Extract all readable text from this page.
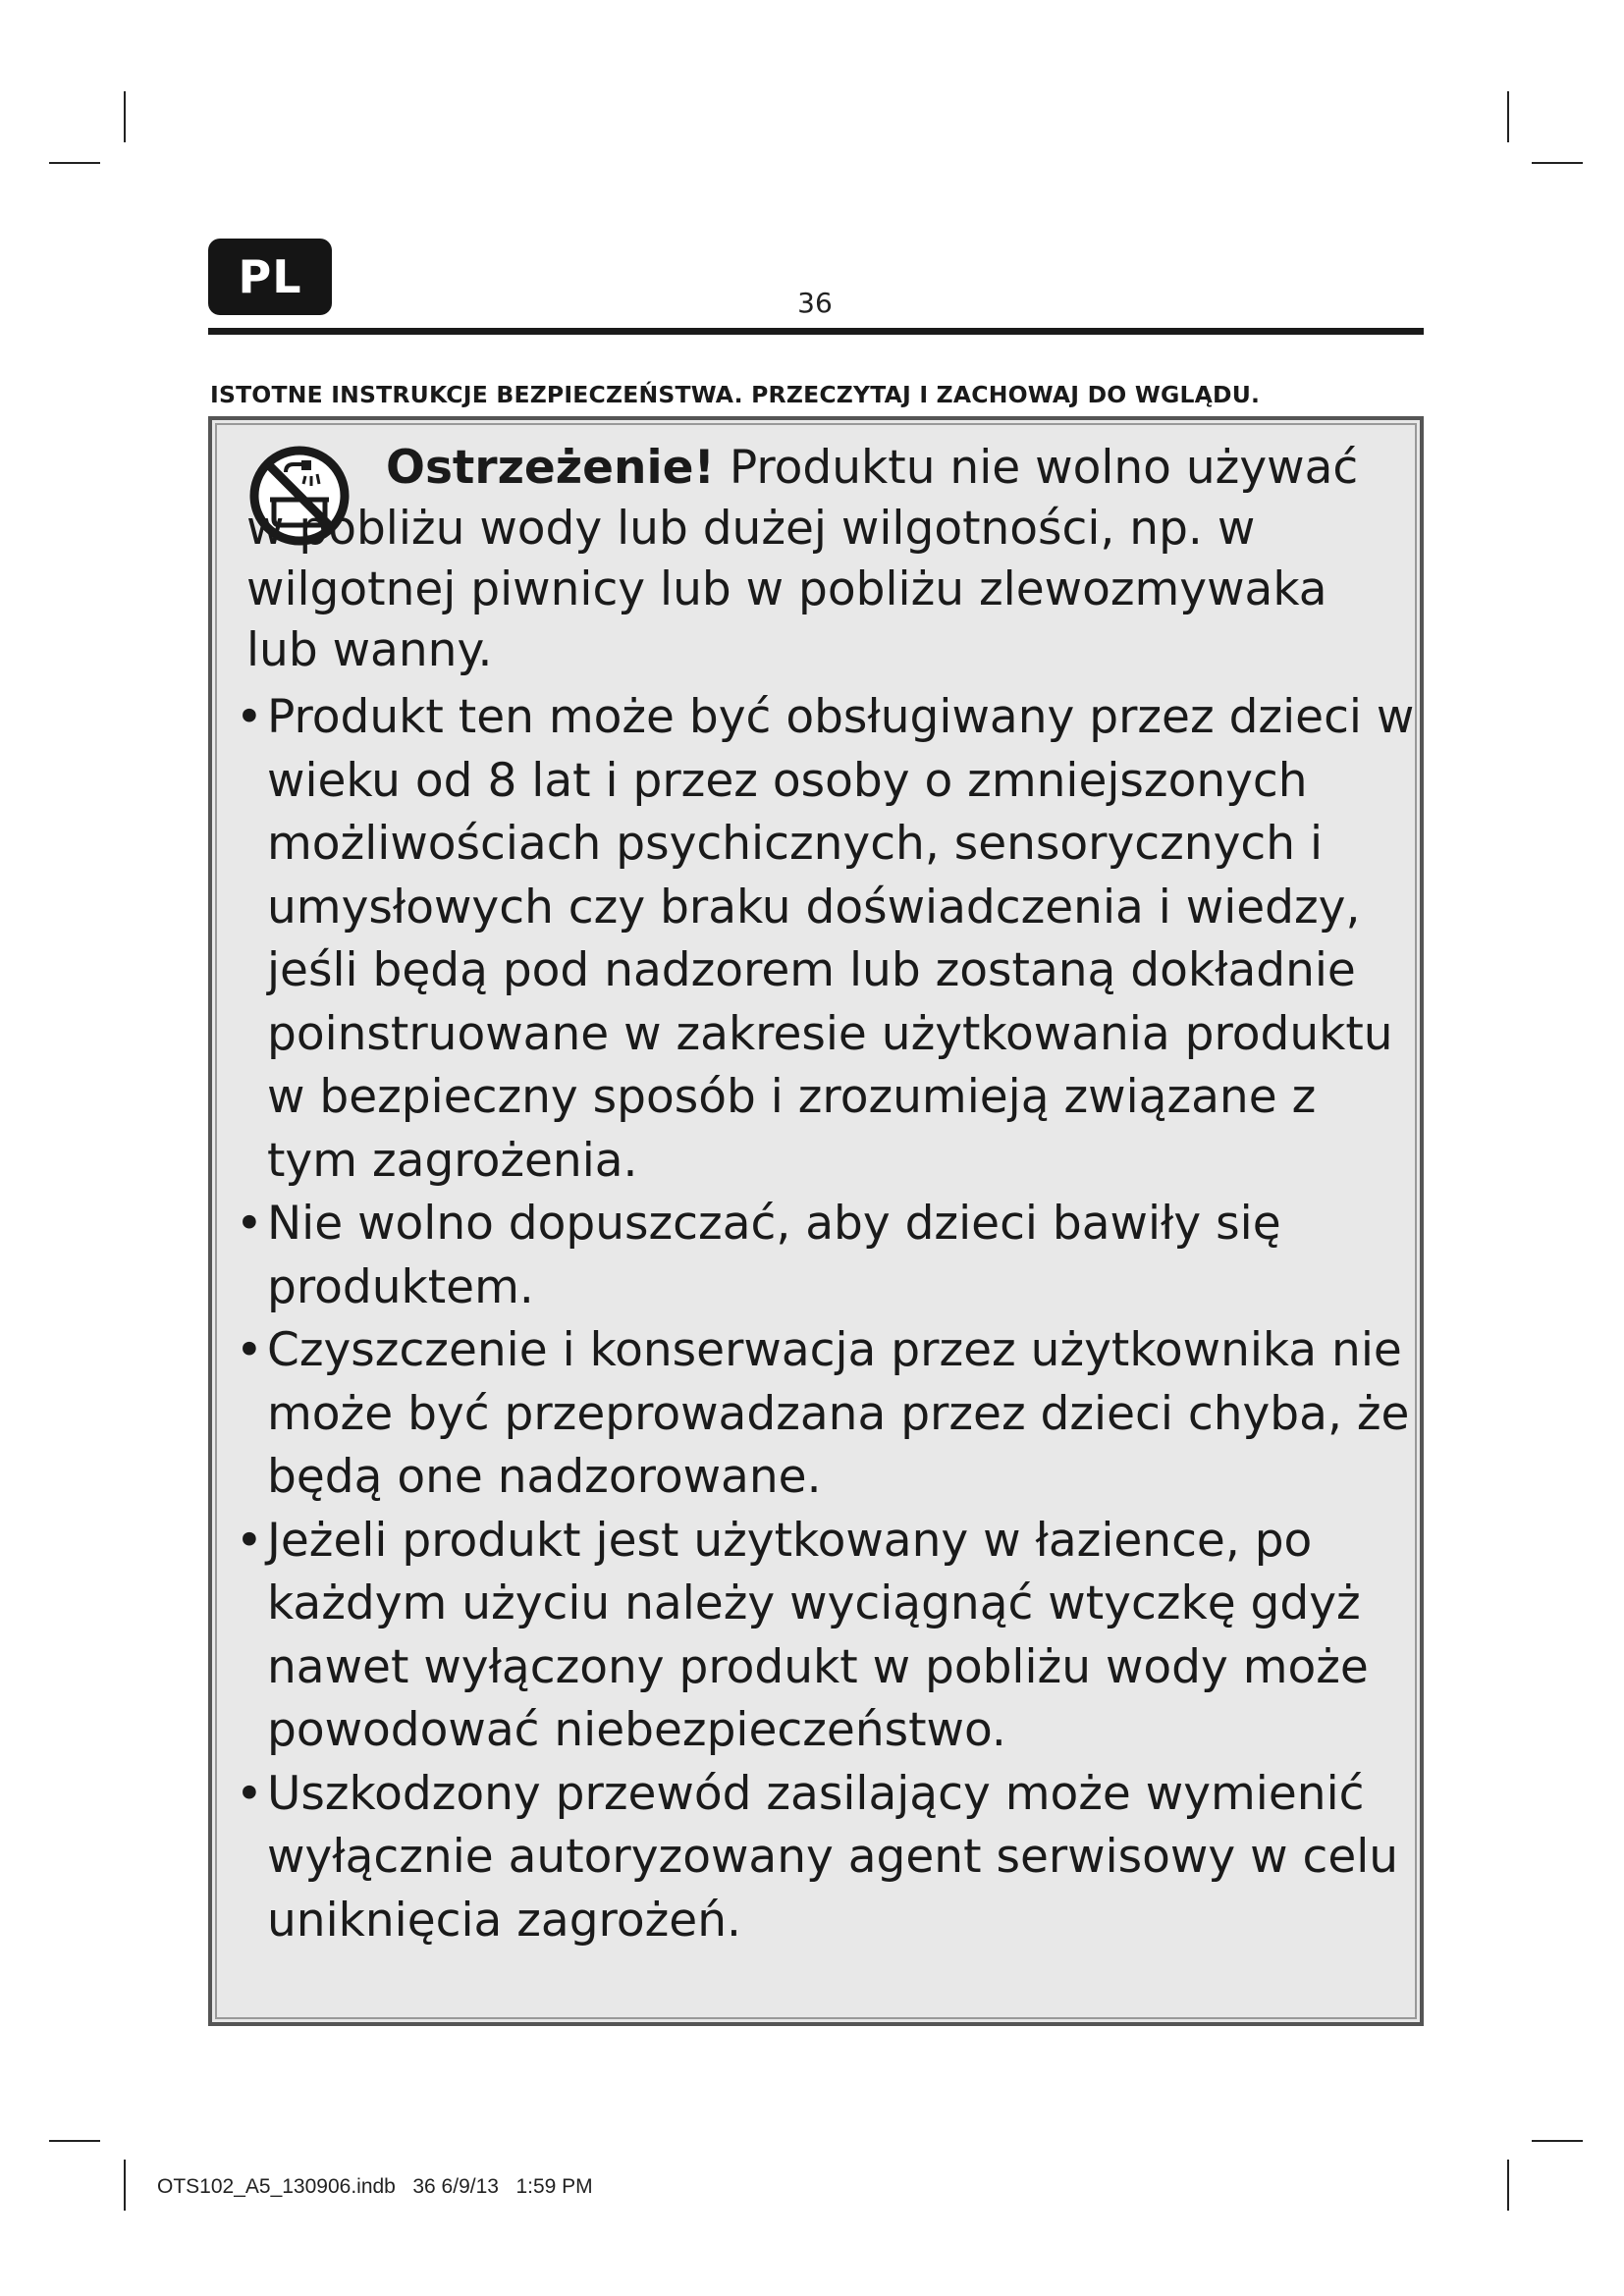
PL	36
ISTOTNE INSTRUKCJE BEZPIECZEŃSTWA. PRZECZYTAJ I ZACHOWAJ DO WGLĄDU.

Ostrzeżenie! Produktu nie wolno używać w pobliżu wody lub dużej wilgotności, np. w wilgotnej piwnicy lub w pobliżu zlewozmywaka lub wanny.

• Produkt ten może być obsługiwany przez dzieci w wieku od 8 lat i przez osoby o zmniejszonych możliwościach psychicznych, sensorycznych i umysłowych czy braku doświadczenia i wiedzy, jeśli będą pod nadzorem lub zostaną dokładnie poinstruowane w zakresie użytkowania produktu w bezpieczny sposób i zrozumieją związane z tym zagrożenia.
• Nie wolno dopuszczać, aby dzieci bawiły się produktem.
• Czyszczenie i konserwacja przez użytkownika nie może być przeprowadzana przez dzieci chyba, że będą one nadzorowane.
• Jeżeli produkt jest użytkowany w łazience, po każdym użyciu należy wyciągnąć wtyczkę gdyż nawet wyłączony produkt w pobliżu wody może powodować niebezpieczeństwo.
• Uszkodzony przewód zasilający może wymienić wyłącznie autoryzowany agent serwisowy w celu uniknięcia zagrożeń.
OTS102_A5_130906.indb   36 6/9/13   1:59 PM
